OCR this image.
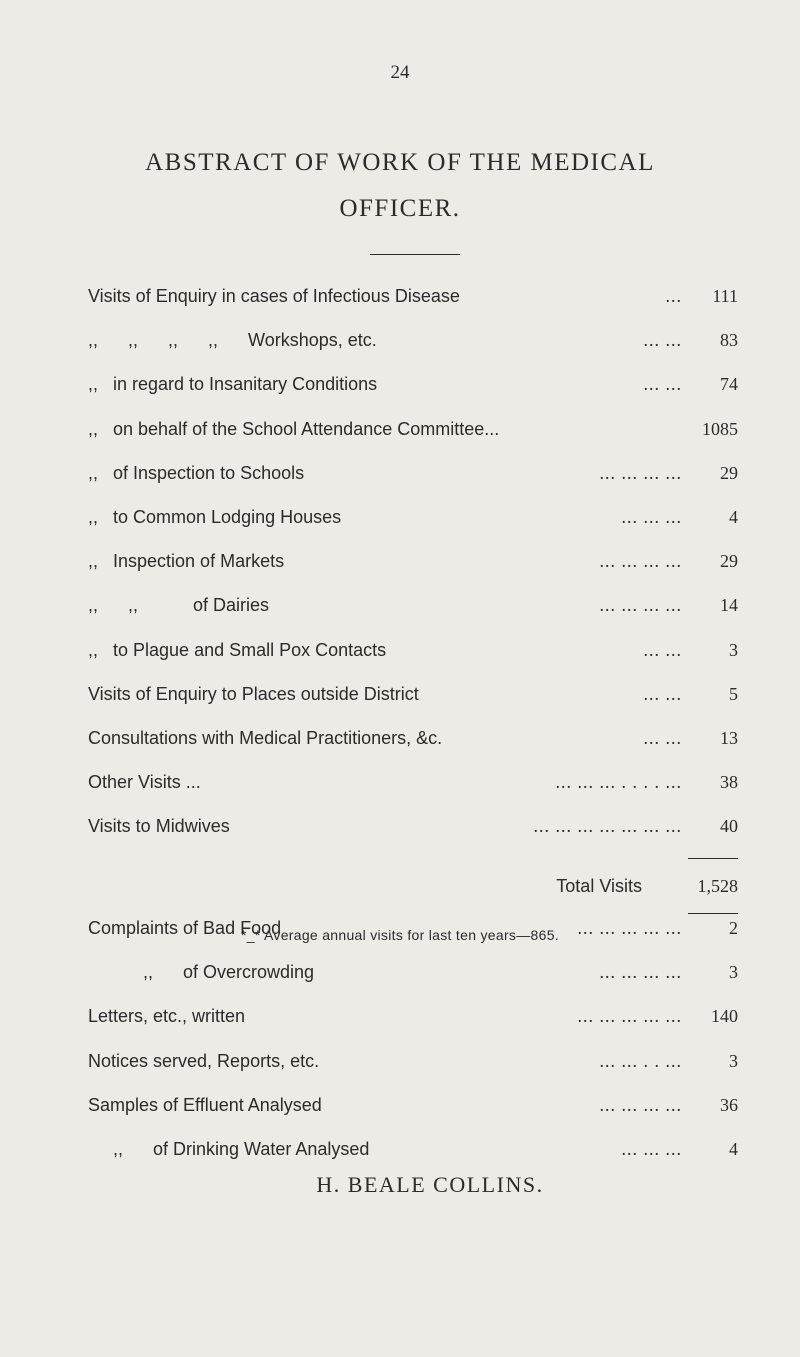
24
ABSTRACT OF WORK OF THE MEDICAL
OFFICER.
Visits of Enquiry in cases of Infectious Disease	... 111
,,      ,,      ,,      ,,      Workshops, etc.	... ... 83
,,   in regard to Insanitary Conditions	... ... 74
,,   on behalf of the School Attendance Committee...	1085
,,   of Inspection to Schools	... ... ... ... 29
,,   to Common Lodging Houses	... ... ...	4
,,   Inspection of Markets	... ... ... ... 29
,,      ,,           of Dairies	... ... ... ... 14
,,   to Plague and Small Pox Contacts	... ...	3
Visits of Enquiry to Places outside District	... ...	5
Consultations with Medical Practitioners, &c.	... ... 13
Other Visits ...	... ... ... . . . . ... 38
Visits to Midwives	... ... ... ... ... ... ... 40
Total Visits	1,528
*_* Average annual visits for last ten years—865.
Complaints of Bad Food	... ... ... ... ...	2
,,      of Overcrowding	... ... ... ...	3
Letters, etc., written	... ... ... ... ... 140
Notices served, Reports, etc.	... ... . . ...	3
Samples of Effluent Analysed	... ... ... ... 36
,,      of Drinking Water Analysed	... ... ...	4
H. BEALE COLLINS.
